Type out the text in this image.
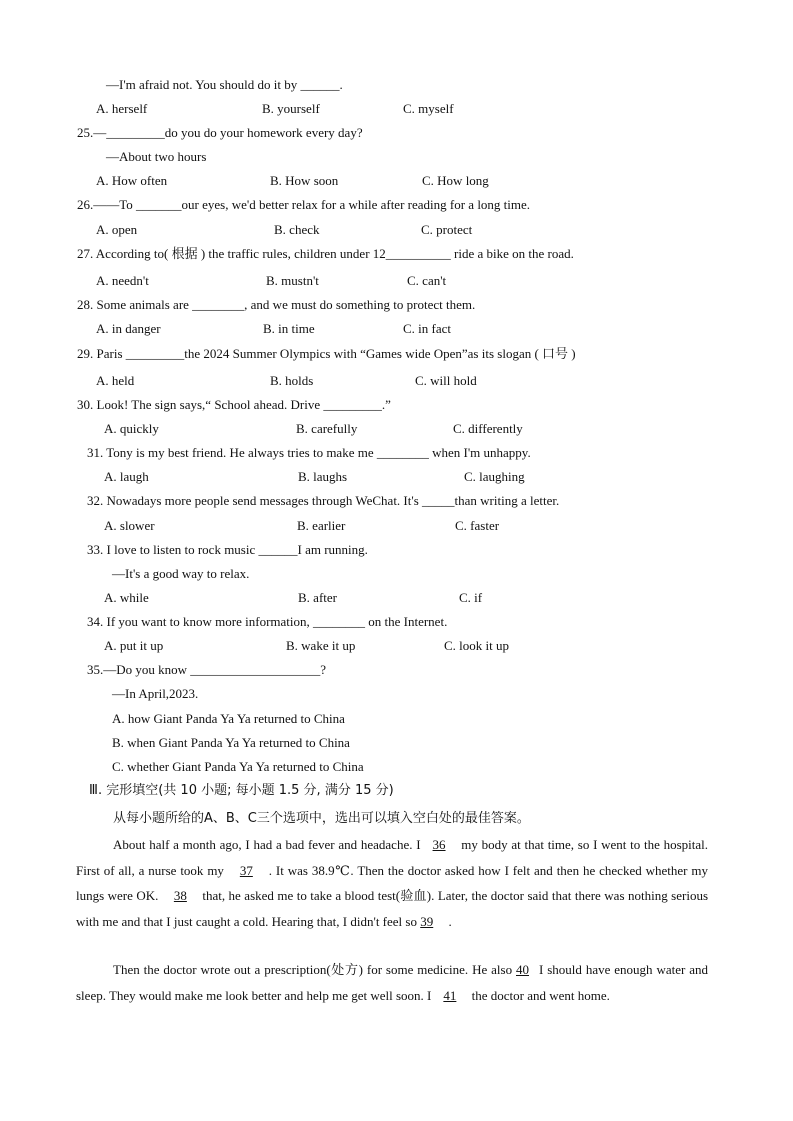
—I'm afraid not. You should do it by ______.
A. herself	B. yourself	C. myself
25.—_________do you do your homework every day?
—About two hours
A. How often	B. How soon	C. How long
26.——To _______our eyes, we'd better relax for a while after reading for a long time.
A. open	B. check	C. protect
27. According to( 根据 ) the traffic rules, children under 12__________ ride a bike on the road.
A. needn't	B. mustn't	C. can't
28. Some animals are ________, and we must do something to protect them.
A. in danger	B. in time	C. in fact
29. Paris _________the 2024 Summer Olympics with “Games wide Open”as its slogan ( 口号 )
A. held	B. holds	C. will hold
30. Look! The sign says,“ School ahead. Drive _________.”
A. quickly	B. carefully	C. differently
31. Tony is my best friend. He always tries to make me ________ when I'm unhappy.
A. laugh	B. laughs	C. laughing
32. Nowadays more people send messages through WeChat. It's _____than writing a letter.
A. slower	B. earlier	C. faster
33. I love to listen to rock music ______I am running.
—It's a good way to relax.
A. while	B. after	C. if
34. If you want to know more information, ________ on the Internet.
A. put it up	B. wake it up	C. look it up
35.—Do you know ____________________?
—In April,2023.
A. how Giant Panda Ya Ya returned to China
B. when Giant Panda Ya Ya returned to China
C. whether Giant Panda Ya Ya returned to China
Ⅲ. 完形填空(共 10 小题; 每小题 1.5 分, 满分 15 分)
从每小题所给的A、B、C三个选项中，选出可以填入空白处的最佳答案。
About half a month ago, I had a bad fever and headache. I 36 my body at that time, so I went to the hospital. First of all, a nurse took my 37 . It was 38.9℃. Then the doctor asked how I felt and then he checked whether my lungs were OK. 38 that, he asked me to take a blood test(验血). Later, the doctor said that there was nothing serious with me and that I just caught a cold. Hearing that, I didn't feel so 39 .
Then the doctor wrote out a prescription(处方) for some medicine. He also 40 I should have enough water and sleep. They would make me look better and help me get well soon. I 41 the doctor and went home.
